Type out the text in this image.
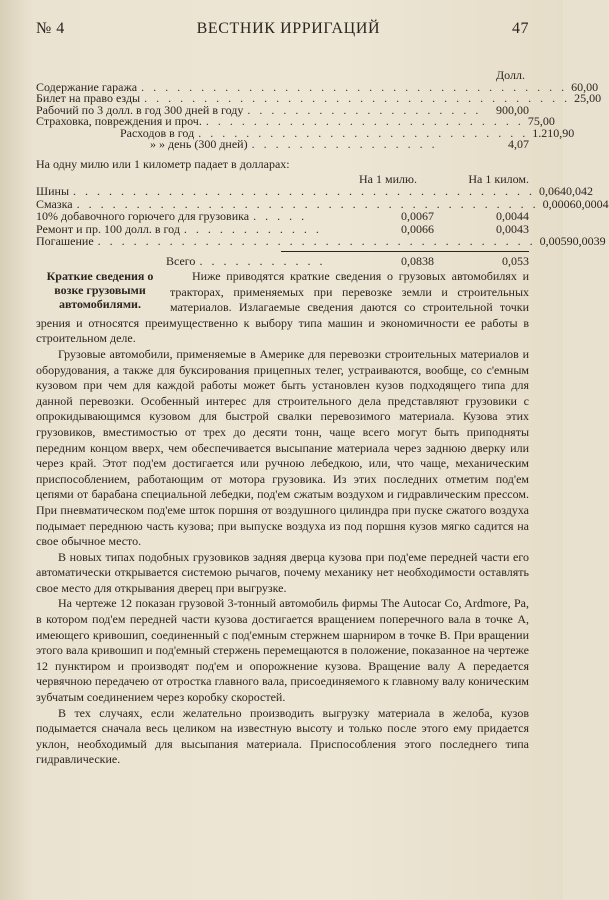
№ 4	ВЕСТНИК ИРРИГАЦИЙ	47
Долл.
Содержание гаража . . . . . . . . . . . . . . . . . . . . . . . . . . . . . . . . . . . . 60,00
Билет на право езды . . . . . . . . . . . . . . . . . . . . . . . . . . . . . . . . . . . . 25,00
Рабочий по 3 долл. в год 300 дней в году . . . . . . . . . . . . . . . . . . . .	900,00
Страховка, повреждения и проч. . . . . . . . . . . . . . . . . . . . . . . . . . . . 75,00
Расходов в год . . . . . . . . . . . . . . . . . . . . . . . . . . . . 1.210,90
» » день (300 дней) . . . . . . . . . . . . . . . .	4,07
На одну милю или 1 километр падает в долларах:
На 1 милю.	На 1 килом.
Шины . . . . . . . . . . . . . . . . . . . . . . . . . . . . . . . . . . . . . . . 0,064 0,042
Смазка . . . . . . . . . . . . . . . . . . . . . . . . . . . . . . . . . . . . . . . 0,0006 0,0004
10% добавочного горючего для грузовика . . . . .	0,0067	0,0044
Ремонт и пр. 100 долл. в год . . . . . . . . . . . .	0,0066	0,0043
Погашение . . . . . . . . . . . . . . . . . . . . . . . . . . . . . . . . . . . . . 0,0059 0,0039
Всего . . . . . . . . . . .	0,0838	0,053
Краткие сведения о возке грузовыми автомобилями.

Ниже приводятся краткие сведения о грузовых автомобилях и тракторах, применяемых при перевозке земли и строительных материалов. Излагаемые сведения даются со строительной точки зрения и относятся преимущественно к выбору типа машин и экономичности ее работы в строительном деле.

Грузовые автомобили, применяемые в Америке для перевозки строительных материалов и оборудования, а также для буксирования прицепных телег, устраиваются, вообще, со с'емным кузовом при чем для каждой работы может быть установлен кузов подходящего типа для данной перевозки. Особенный интерес для строительного дела представляют грузовики с опрокидывающимся кузовом для быстрой свалки перевозимого материала. Кузова этих грузовиков, вместимостью от трех до десяти тонн, чаще всего могут быть приподняты передним концом вверх, чем обеспечивается высыпание материала через заднюю дверку или через край. Этот под'ем достигается или ручною лебедкою, или, что чаще, механическим приспособлением, работающим от мотора грузовика. Из этих последних отметим под'ем цепями от барабана специальной лебедки, под'ем сжатым воздухом и гидравлическим прессом. При пневматическом под'еме шток поршня от воздушного цилиндра при пуске сжатого воздуха подымает переднюю часть кузова; при выпуске воздуха из под поршня кузов мягко садится на свое обычное место.

В новых типах подобных грузовиков задняя дверца кузова при под'еме передней части его автоматически открывается системою рычагов, почему механику нет необходимости оставлять свое место для открывания дверец при выгрузке.

На чертеже 12 показан грузовой 3-тонный автомобиль фирмы The Autocar Co, Ardmore, Pa, в котором под'ем передней части кузова достигается вращением поперечного вала в точке А, имеющего кривошип, соединенный с под'емным стержнем шарниром в точке В. При вращении этого вала кривошип и под'емный стержень перемещаются в положение, показанное на чертеже 12 пунктиром и производят под'ем и опорожнение кузова. Вращение валу А передается червячною передачею от отростка главного вала, присоединяемого к главному валу коническим зубчатым соединением через коробку скоростей.

В тех случаях, если желательно производить выгрузку материала в желоба, кузов подымается сначала весь целиком на известную высоту и только после этого ему придается уклон, необходимый для высыпания материала. Приспособления этого последнего типа гидравлические.
